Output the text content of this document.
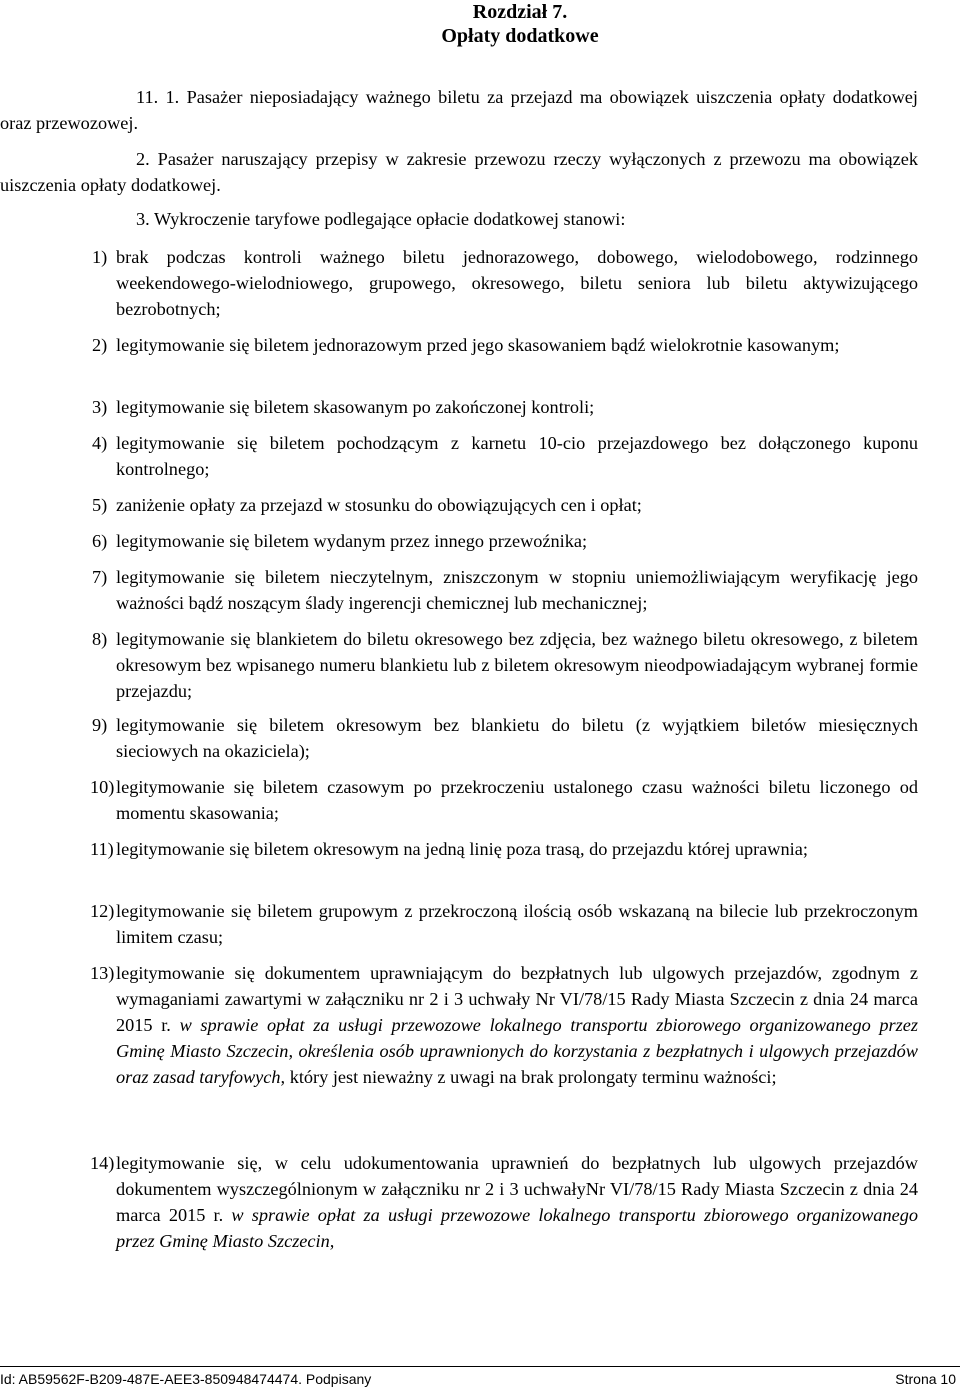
Rozdział 7.
Opłaty dodatkowe
11. 1. Pasażer nieposiadający ważnego biletu za przejazd ma obowiązek uiszczenia opłaty dodatkowej oraz przewozowej.
2. Pasażer naruszający przepisy w zakresie przewozu rzeczy wyłączonych z przewozu ma obowiązek uiszczenia opłaty dodatkowej.
3. Wykroczenie taryfowe podlegające opłacie dodatkowej stanowi:
1) brak podczas kontroli ważnego biletu jednorazowego, dobowego, wielodobowego, rodzinnego weekendowego-wielodniowego, grupowego, okresowego, biletu seniora lub biletu aktywizującego bezrobotnych;
2) legitymowanie się biletem jednorazowym przed jego skasowaniem bądź wielokrotnie kasowanym;
3) legitymowanie się biletem skasowanym po zakończonej kontroli;
4) legitymowanie się biletem pochodzącym z karnetu 10-cio przejazdowego bez dołączonego kuponu kontrolnego;
5) zaniżenie opłaty za przejazd w stosunku do obowiązujących cen i opłat;
6) legitymowanie się biletem wydanym przez innego przewoźnika;
7) legitymowanie się biletem nieczytelnym, zniszczonym w stopniu uniemożliwiającym weryfikację jego ważności bądź noszącym ślady ingerencji chemicznej lub mechanicznej;
8) legitymowanie się blankietem do biletu okresowego bez zdjęcia, bez ważnego biletu okresowego, z biletem okresowym bez wpisanego numeru blankietu lub z biletem okresowym nieodpowiadającym wybranej formie przejazdu;
9) legitymowanie się biletem okresowym bez blankietu do biletu (z wyjątkiem biletów miesięcznych sieciowych na okaziciela);
10) legitymowanie się biletem czasowym po przekroczeniu ustalonego czasu ważności biletu liczonego od momentu skasowania;
11) legitymowanie się biletem okresowym na jedną linię poza trasą, do przejazdu której uprawnia;
12) legitymowanie się biletem grupowym z przekroczoną ilością osób wskazaną na bilecie lub przekroczonym limitem czasu;
13) legitymowanie się dokumentem uprawniającym do bezpłatnych lub ulgowych przejazdów, zgodnym z wymaganiami zawartymi w załączniku nr 2 i 3 uchwały Nr VI/78/15 Rady Miasta Szczecin z dnia 24 marca 2015 r. w sprawie opłat za usługi przewozowe lokalnego transportu zbiorowego organizowanego przez Gminę Miasto Szczecin, określenia osób uprawnionych do korzystania z bezpłatnych i ulgowych przejazdów oraz zasad taryfowych, który jest nieważny z uwagi na brak prolongaty terminu ważności;
14) legitymowanie się, w celu udokumentowania uprawnień do bezpłatnych lub ulgowych przejazdów dokumentem wyszczególnionym w załączniku nr 2 i 3 uchwałyNr VI/78/15 Rady Miasta Szczecin z dnia 24 marca 2015 r. w sprawie opłat za usługi przewozowe lokalnego transportu zbiorowego organizowanego przez Gminę Miasto Szczecin,
Id: AB59562F-B209-487E-AEE3-850948474474. Podpisany	Strona 10
